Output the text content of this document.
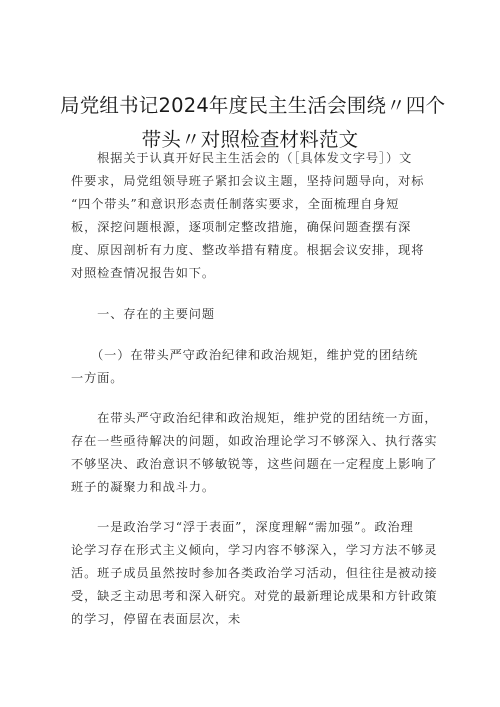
局党组书记2024年度民主生活会围绕〃四个
带头〃对照检查材料范文
　　根据关于认真开好民主生活会的（［具体发文字号］）文
件要求，局党组领导班子紧扣会议主题，坚持问题导向，对标
“四个带头”和意识形态责任制落实要求，全面梳理自身短
板，深挖问题根源，逐项制定整改措施，确保问题查摆有深
度、原因剖析有力度、整改举措有精度。根据会议安排，现将
对照检查情况报告如下。
　　一、存在的主要问题
　　（一）在带头严守政治纪律和政治规矩，维护党的团结统
一方面。
　　在带头严守政治纪律和政治规矩，维护党的团结统一方面，
存在一些亟待解决的问题，如政治理论学习不够深入、执行落实
不够坚决、政治意识不够敏锐等，这些问题在一定程度上影响了
班子的凝聚力和战斗力。
　　一是政治学习“浮于表面”，深度理解“需加强”。政治理
论学习存在形式主义倾向，学习内容不够深入，学习方法不够灵
活。班子成员虽然按时参加各类政治学习活动，但往往是被动接
受，缺乏主动思考和深入研究。对党的最新理论成果和方针政策
的学习，停留在表面层次，未
